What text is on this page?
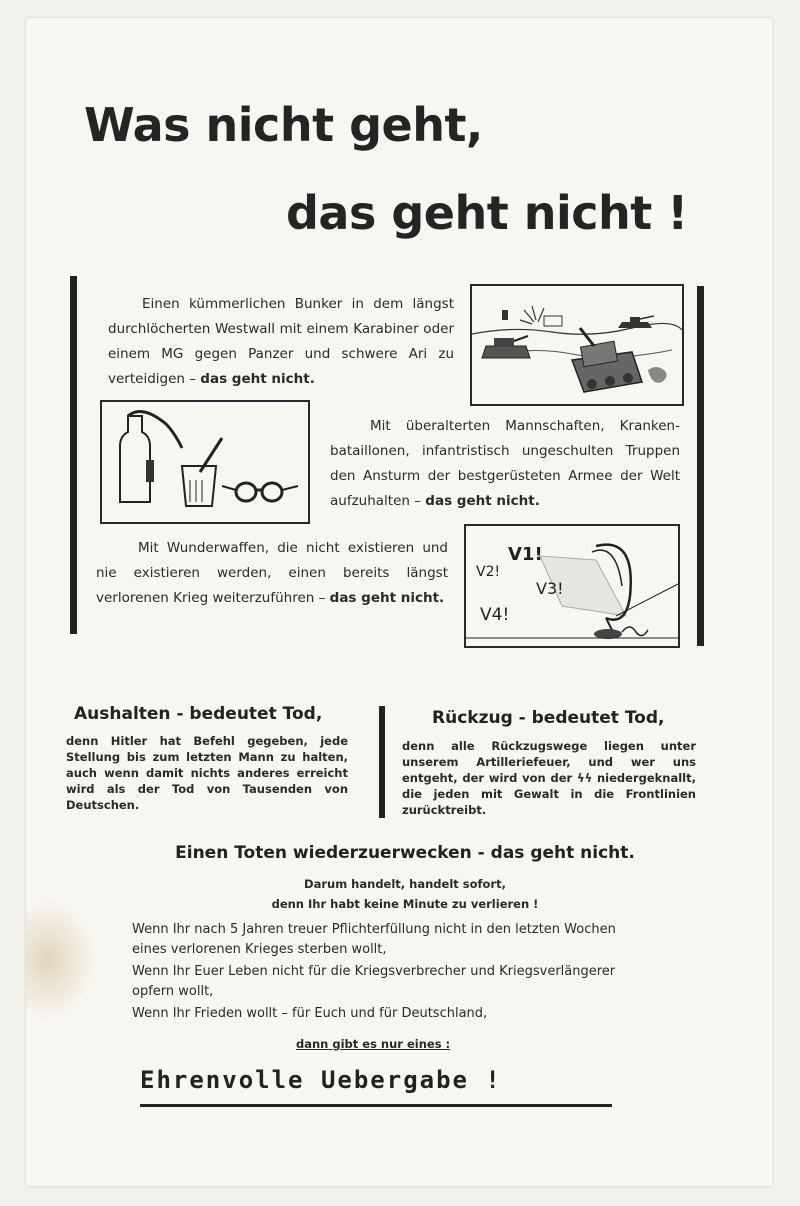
Was nicht geht,
das geht nicht !
Einen kümmerlichen Bunker in dem längst durchlöcherten Westwall mit einem Karabiner oder einem MG gegen Panzer und schwere Ari zu verteidigen – das geht nicht.
Mit überalterten Mannschaften, Kranken-bataillonen, infantristisch ungeschulten Truppen den Ansturm der bestgerüsteten Armee der Welt aufzuhalten – das geht nicht.
Mit Wunderwaffen, die nicht existieren und nie existieren werden, einen bereits längst verlorenen Krieg weiterzuführen – das geht nicht.
V1!
V2!
V3!
V4!
Aushalten - bedeutet Tod,
denn Hitler hat Befehl gegeben, jede Stellung bis zum letzten Mann zu halten, auch wenn damit nichts anderes erreicht wird als der Tod von Tausenden von Deutschen.
Rückzug - bedeutet Tod,
denn alle Rückzugswege liegen unter unserem Artilleriefeuer, und wer uns entgeht, der wird von der ϟϟ niedergeknallt, die jeden mit Gewalt in die Frontlinien zurücktreibt.
Einen Toten wiederzuerwecken - das geht nicht.
Darum handelt, handelt sofort,
denn Ihr habt keine Minute zu verlieren !
Wenn Ihr nach 5 Jahren treuer Pflichterfüllung nicht in den letzten Wochen eines verlorenen Krieges sterben wollt,
Wenn Ihr Euer Leben nicht für die Kriegsverbrecher und Kriegsverlängerer opfern wollt,
Wenn Ihr Frieden wollt – für Euch und für Deutschland,
dann gibt es nur eines :
Ehrenvolle Uebergabe !
